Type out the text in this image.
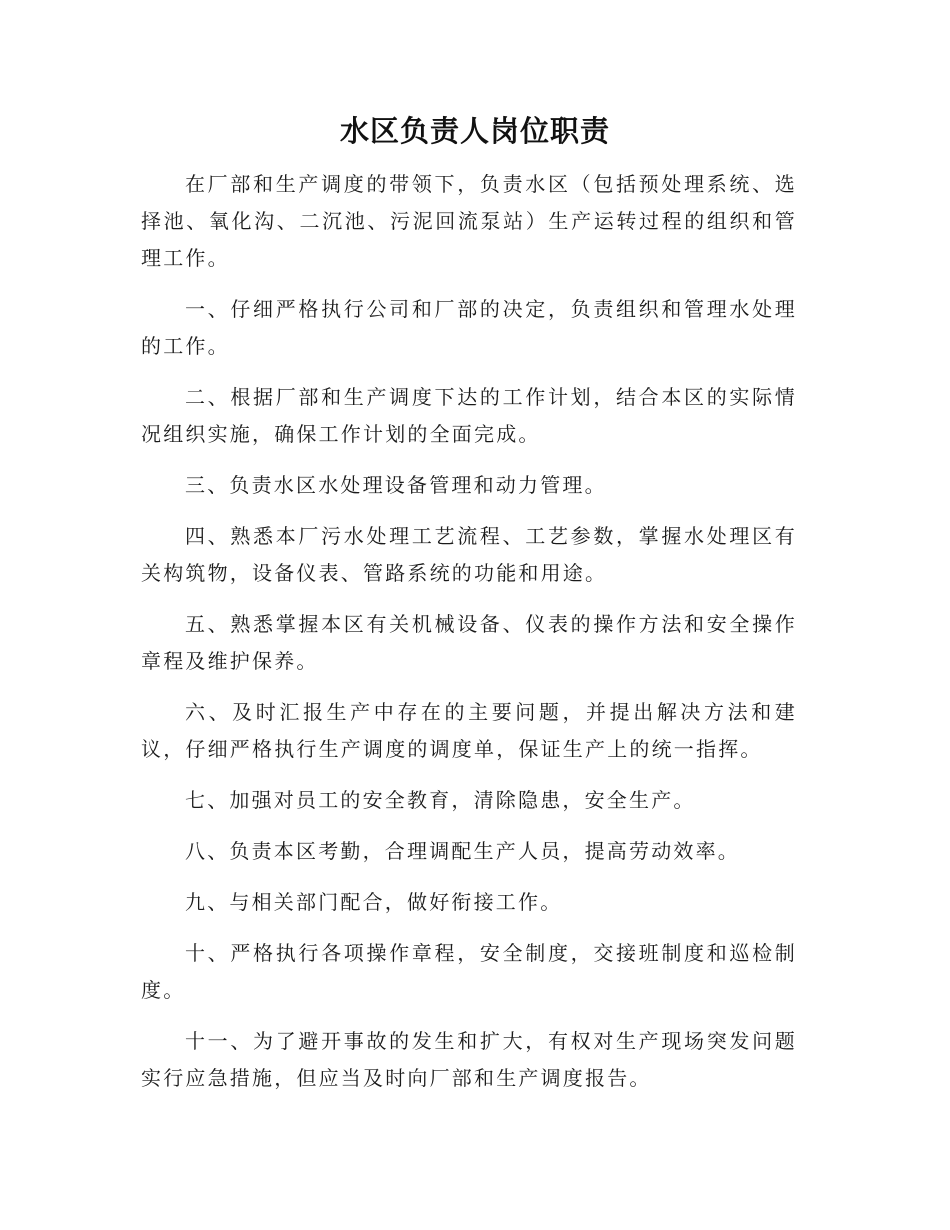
水区负责人岗位职责

在厂部和生产调度的带领下，负责水区（包括预处理系统、选择池、氧化沟、二沉池、污泥回流泵站）生产运转过程的组织和管理工作。

一、仔细严格执行公司和厂部的决定，负责组织和管理水处理的工作。

二、根据厂部和生产调度下达的工作计划，结合本区的实际情况组织实施，确保工作计划的全面完成。

三、负责水区水处理设备管理和动力管理。

四、熟悉本厂污水处理工艺流程、工艺参数，掌握水处理区有关构筑物，设备仪表、管路系统的功能和用途。

五、熟悉掌握本区有关机械设备、仪表的操作方法和安全操作章程及维护保养。

六、及时汇报生产中存在的主要问题，并提出解决方法和建议，仔细严格执行生产调度的调度单，保证生产上的统一指挥。

七、加强对员工的安全教育，清除隐患，安全生产。

八、负责本区考勤，合理调配生产人员，提高劳动效率。

九、与相关部门配合，做好衔接工作。

十、严格执行各项操作章程，安全制度，交接班制度和巡检制度。

十一、为了避开事故的发生和扩大，有权对生产现场突发问题实行应急措施，但应当及时向厂部和生产调度报告。
